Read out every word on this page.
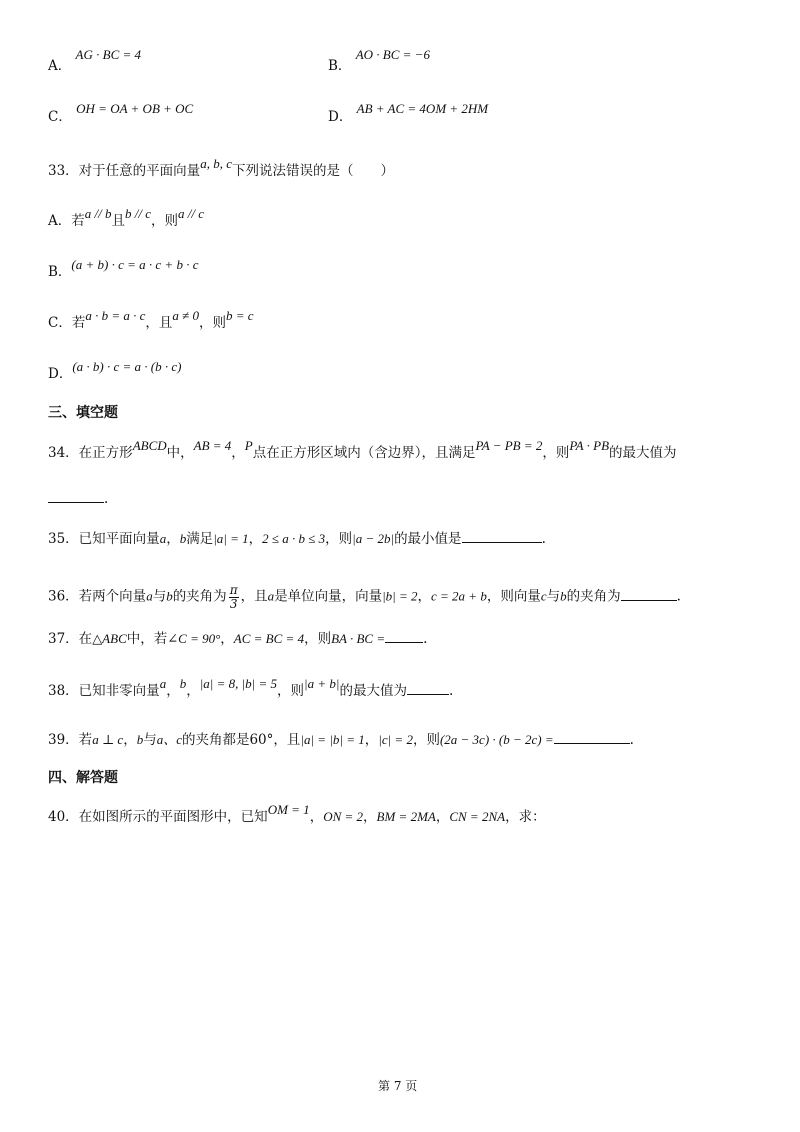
A． AG · BC = 4
B． AO · BC = −6
C． OH = OA + OB + OC
D． AB + AC = 4OM + 2HM
33．对于任意的平面向量a, b, c下列说法错误的是（　　）
A．若a // b且b // c，则a // c
B．(a + b) · c = a · c + b · c
C．若a · b = a · c，且a ≠ 0，则b = c
D．(a · b) · c = a · (b · c)
三、填空题
34．在正方形ABCD中，AB = 4，P点在正方形区域内（含边界），且满足PA − PB = 2，则PA · PB的最大值为
.
35．已知平面向量a，b满足|a| = 1，2 ≤ a · b ≤ 3，则|a − 2b|的最小值是	.
36．若两个向量a与b的夹角为 $\frac{\pi}{3}$ ，且a是单位向量，向量|b| = 2，c = 2a + b，则向量c与b的夹角为	.
37．在△ABC中，若∠C = 90°，AC = BC = 4，则BA · BC =	.
38．已知非零向量a，b，|a| = 8, |b| = 5，则|a + b|的最大值为	.
39．若a ⊥ c，b与a、c的夹角都是60°，且|a| = |b| = 1，|c| = 2，则(2a − 3c) · (b − 2c) =	.
四、解答题
40．在如图所示的平面图形中，已知OM = 1，ON = 2，BM = 2MA，CN = 2NA，求：
第 7 页
